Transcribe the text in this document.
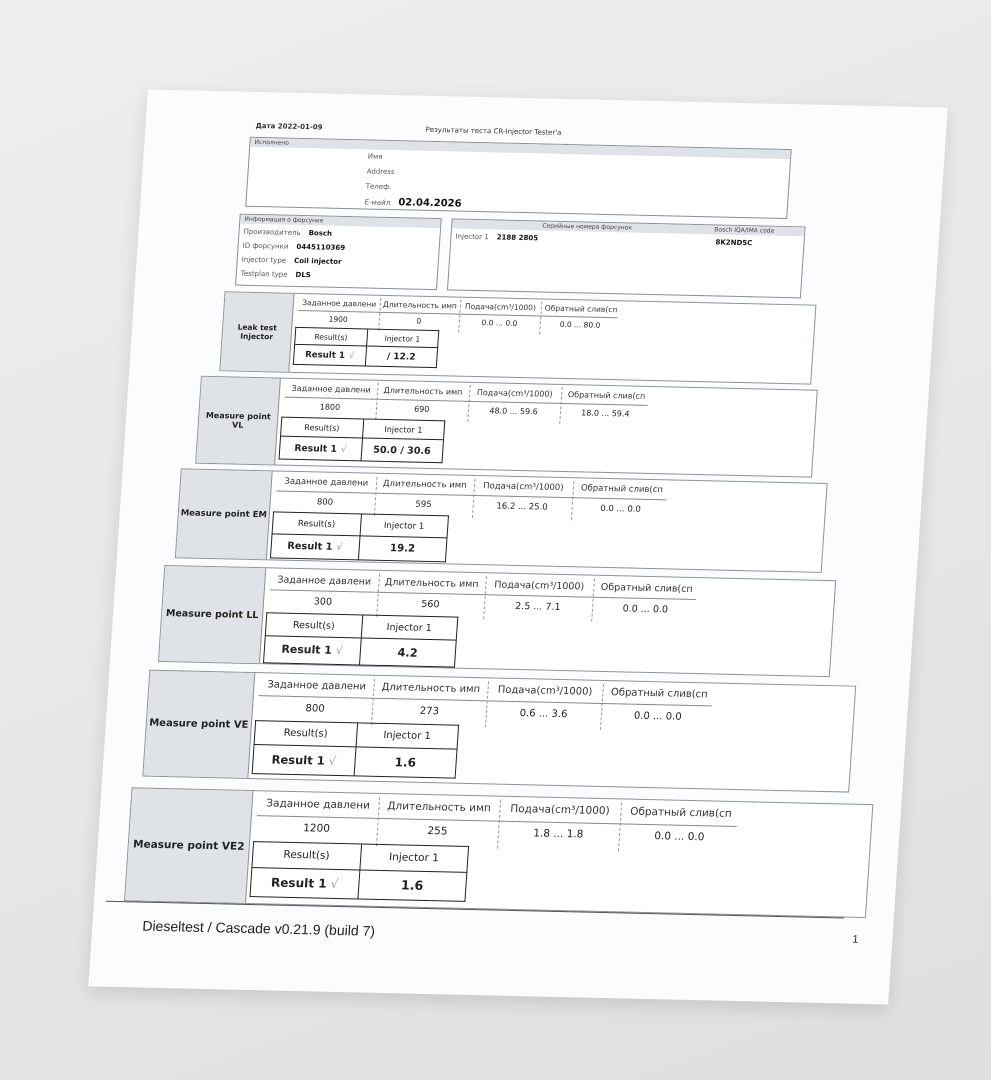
Дата 2022-01-09	Результаты теста CR-Injector Tester'a
Исполнено
Имя
Address
Телеф.
E-майл 02.04.2026
Информация о форсунке
Производитель Bosch
ID форсунки 0445110369
Injector type Coil injector
Testplan type DLS
Серийные номера форсунок	Bosch IQA/IMA code
Injector 1 2188 2805
8K2ND5C
Leak test Injector
Заданное давлени
1900
Длительность имп
0
Подача(cm³/1000)
0.0 ... 0.0
Обратный слив(сп
0.0 ... 80.0
Result(s)	Injector 1
Result 1 √	/ 12.2
Measure point VL
Заданное давлени
1800
Длительность имп
690
Подача(cm³/1000)
48.0 ... 59.6
Обратный слив(сп
18.0 ... 59.4
Result(s)	Injector 1
Result 1 √	50.0 / 30.6
Measure point EM
Заданное давлени
800
Длительность имп
595
Подача(cm³/1000)
16.2 ... 25.0
Обратный слив(сп
0.0 ... 0.0
Result(s)	Injector 1
Result 1 √	19.2
Measure point LL
Заданное давлени
300
Длительность имп
560
Подача(cm³/1000)
2.5 ... 7.1
Обратный слив(сп
0.0 ... 0.0
Result(s)	Injector 1
Result 1 √	4.2
Measure point VE
Заданное давлени
800
Длительность имп
273
Подача(cm³/1000)
0.6 ... 3.6
Обратный слив(сп
0.0 ... 0.0
Result(s)	Injector 1
Result 1 √	1.6
Measure point VE2
Заданное давлени
1200
Длительность имп
255
Подача(cm³/1000)
1.8 ... 1.8
Обратный слив(сп
0.0 ... 0.0
Result(s)	Injector 1
Result 1 √	1.6
Dieseltest / Cascade v0.21.9 (build 7)
1
